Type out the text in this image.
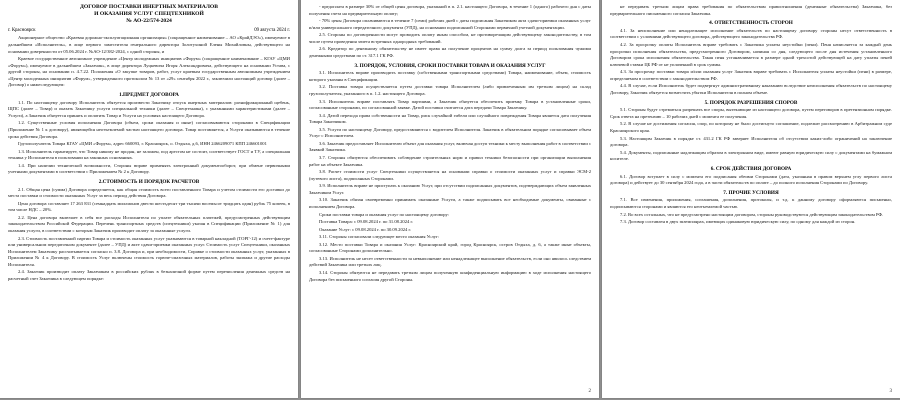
ДОГОВОР ПОСТАВКИ ИНЕРТНЫХ МАТЕРИАЛОВ

И ОКАЗАНИЯ УСЛУГ СПЕЦТЕХНИКОЙ

№ АО-22/574-2024

г. Красноярск	09 августа 2024 г.

Акционерное общество «Краевая дорожно-эксплуатационная организация» (сокращенное наименование – АО «КрайДЭО»), именуемое в дальнейшем «Исполнитель», в лице первого заместителя генерального директора Золотухиной Елены Михайловны, действующего на основании доверенности от 05.06.2024 г. №АО-12/382-2024, с одной стороны, и

Краевое государственное автономное учреждение «Центр молодежных инициатив «Форум» (сокращенное наименование – КГАУ «ЦМИ «Форум»), именуемое в дальнейшем «Заказчик», в лице директора Луцкевича Игоря Александровича, действующего на основании Устава, с другой стороны, на основании п. 4.7.22. Положения «О закупке товаров, работ, услуг краевым государственным автономным учреждением «Центр молодежных инициатив «Форум», утвержденного протоколом № 13 от «29» сентября 2022 г., заключили настоящий договор (далее – Договор) о нижеследующем:

1.ПРЕДМЕТ ДОГОВОРА

1.1. По настоящему договору Исполнитель обязуется произвести Заказчику отпуск инертных материалов: разнофракционный щебень, ЩПС (далее – Товар) и оказать Заказчику услуги специальной техники (далее – Спецтехника), с указанными характеристиками (далее – Услуги), а Заказчик обязуется принять и оплатить Товар и Услуги на условиях настоящего Договора.

1.2. Существенные условия исполнения Договора (объем, сроки оказания и иные) согласовываются сторонами в Спецификации (Приложение № 1 к договору), являющейся неотъемлемой частью настоящего договора. Товар поставляется, а Услуги оказываются в течение срока действия Договора.

Грузополучатель Товара КГАУ «ЦМИ «Форум», адрес 660093, г. Красноярск, о. Отдыха, д.6, ИНН 2466209071 КПП 246601001

1.3. Исполнитель гарантирует, что Товар никому не продан, не заложен, под арестом не состоит, соответствует ГОСТ и ТУ, а специальная техника у Исполнителя в пользовании на законных основаниях.

1.4. При наличии технической возможности, Стороны вправе применять электронный документооборот, при обмене первичными учетными документами в соответствии с Приложением № 2 к Договору.

2.СТОИМОСТЬ И ПОРЯДОК РАСЧЕТОВ

2.1. Общая цена (сумма) Договора определяется, как общая стоимость всего поставленного Товара и учетом стоимости его доставки до места поставки и стоимости оказанных Услуг за весь период действия Договора.

Цена договора составляет 17 263 831 (семнадцать миллионов двести шестьдесят три тысячи восемьсот тридцать один) рубль 75 копеек, в том числе НДС – 20%.

2.2. Цена договора включает в себя все расходы Исполнителя по уплате обязательных платежей, предусмотренных действующим законодательством Российской Федерации. Перечень транспортных средств (спецтехники) указан в Спецификации (Приложение № 1) для оказания услуги, в соответствии с которым Заказчик производит оплату за оказанные услуги.

2.3. Стоимость поставленной партии Товара и стоимость оказанных услуг указываются в товарной накладной (ТОРГ-12) и счете-фактуре или универсальном передаточном документе (далее – УПД) и акте сдачи-приемки оказанных услуг. Стоимость услуг Спецтехники, оказанных Исполнителем Заказчику рассчитывается согласно п. 3.8. Договора и, при необходимости, Справке о стоимости оказанных услуг, указанных в Приложении № 4 к Договору. В стоимость Услуг включены стоимость горюче-смазочных материалов, работы экипажа и другие расходы Исполнителя.

2.4. Заказчик производит оплату Заказчикам в российских рублях в безналичной форме путем перечисления денежных средств на расчетный счет Заказчика в следующем порядке:

- предоплата в размере 30% от общей цены договора, указанной в п. 2.1. настоящего Договора, в течение 1 (одного) рабочего дня с даты получения счета на предварительную оплату;

- 70% цены Договора оплачиваются в течение 7 (семи) рабочих дней с даты подписания Заказчиком акта сдачи-приемки оказанных услуг и/или универсального передаточного документа (УПД), на основании подписанной Сторонами первичной учетной документации.

2.5. Стороны по договоренности могут проводить оплату иным способом, не противоречащим действующему законодательству, в том числе путем проведения зачета встречных однородных требований.

2.6. Кредитор по денежному обязательству не имеет права на получение процентов на сумму долга за период пользования чужими денежными средствами по ст. 317.1 ГК РФ.

3. ПОРЯДОК, УСЛОВИЯ, СРОКИ ПОСТАВКИ ТОВАРА И ОКАЗАНИЯ УСЛУГ

3.1. Исполнитель вправе производить поставку (собственными транспортными средствами) Товара, наименование, объем, стоимость которого указаны в Спецификации.

3.2. Поставка товара осуществляется путем доставки товара Исполнителем (либо привлеченным им третьим лицом) на склад грузополучателя, указанного в п. 1.2. настоящего Договора.

3.3. Исполнитель вправе поставлять Товар партиями, а Заказчик обязуется обеспечить приемку Товара в установленные сроки, согласованные сторонами, по согласованной заявке. Датой поставки считается дата передачи Товара Заказчику.

3.4. Датой перехода права собственности на Товар, риск случайной гибели или случайного повреждения Товара является дата получения Товара Заказчиком.

3.5. Услуги по настоящему Договору, предоставляются с водителем Исполнителя. Заказчик в обязательном порядке согласовывает объем Услуг с Исполнителем.

3.6. Заказчик предоставляет Исполнителю объект для оказания услуг, включая доступ техники к месту выполнения работ в соответствии с Заявкой Заказчика.

3.7. Стороны обязуются обеспечивать соблюдение строительных норм и правил техники безопасности при организации выполнения работ на объекте Заказчика.

3.8. Расчет стоимости услуг Спецтехники осуществляется на основании справки о стоимости оказанных услуг и справки ЭСМ-2 (путевого листа), подписанных Сторонами.

3.9. Исполнитель вправе не приступать к оказанию Услуг, при отсутствии подписанных документов, подтверждающих объем заявленных Заказчиком Услуг.

3.10. Заказчик обязан своевременно принимать оказанные Услуги, а также подписывать все необходимые документы, связанные с исполнением Договора.

Сроки поставки товара и оказания услуг по настоящему договору:

Поставка Товара: с 09.08.2024 г. по 31.08.2024 г.

Оказание Услуг: с 09.08.2024 г. по 30.09.2024 г.

3.11. Стороны согласовали следующее место оказания Услуг:

3.12. Место поставки Товара и оказания Услуг: Красноярский край, город Красноярск, остров Отдыха, д. 6, а также иные объекты, согласованные Сторонами дополнительно.

3.13. Исполнитель не несет ответственности за невыполнение или ненадлежащее выполнение обязательств, если оно явилось следствием действий Заказчика или третьих лиц.

3.14. Стороны обязуются не передавать третьим лицам полученную конфиденциальную информацию в ходе исполнения настоящего Договора без письменного согласия другой Стороны.

2

не передавать третьим лицам права требования по обязательствам правоотношения (денежные обязательства) Заказчика, без предварительного письменного согласия Заказчика.

4. ОТВЕТСТВЕННОСТЬ СТОРОН

4.1. За неисполнение или ненадлежащее исполнение обязательств по настоящему договору стороны несут ответственность в соответствии с условиями действующего договора, действующего законодательства РФ.

4.2. За просрочку оплаты Исполнитель вправе требовать с Заказчика уплаты неустойки (пени). Пеня начисляется за каждый день просрочки исполнения обязательства, предусмотренного Договором, начиная со дня, следующего после дня истечения установленного Договором срока исполнения обязательства. Такая пеня устанавливается в размере одной трехсотой действующей на дату уплаты пеней ключевой ставки ЦБ РФ от не уплаченной в срок суммы.

4.3. За просрочку поставки товара и/или оказания услуг Заказчик вправе требовать с Исполнителя уплаты неустойки (пени) в размере, определяемом в соответствии с законодательством РФ.

4.4. В случае, если Исполнитель будет подвергнут административному наказанию вследствие неисполнения обязательств по настоящему Договору, Заказчик обязуется возместить убытки Исполнителя в полном объеме.

5. ПОРЯДОК РАЗРЕШЕНИЯ СПОРОВ

5.1. Стороны будут стремиться разрешать все споры, вытекающие из настоящего договора, путем переговоров в претензионном порядке. Срок ответа на претензию – 10 рабочих дней с момента ее получения.

5.2. В случае не достижения согласия, спор, по которому не было достигнуто соглашение, подлежит рассмотрению в Арбитражном суде Красноярского края.

5.3. Настоящим Заказчик в порядке ст. 431.2 ГК РФ заверяет Исполнителя об отсутствии каких-либо ограничений на заключение договора.

5.4. Документы, подписанные надлежащим образом в электронном виде, имеют равную юридическую силу с документами на бумажном носителе.

6. СРОК ДЕЙСТВИЯ ДОГОВОРА

6.1. Договор вступает в силу с момента его подписания обеими Сторонами (дата, указанная в правом верхнем углу первого листа договора) и действует до 30 сентября 2024 года, а в части обязательств по оплате – до полного исполнения Сторонами по Договору.

7. ПРОЧИЕ УСЛОВИЯ

7.1. Все изменения, приложения, соглашения, дополнения, протоколы, и т.д. к данному договору оформляются письменно, подписываются сторонами и являются его неотъемлемой частью.

7.2. Во всех остальных, что не предусмотрено настоящим договором, стороны руководствуются действующим законодательством РФ.

7.3. Договор составлен в двух экземплярах, имеющих одинаковую юридическую силу, по одному для каждой из сторон.

3
